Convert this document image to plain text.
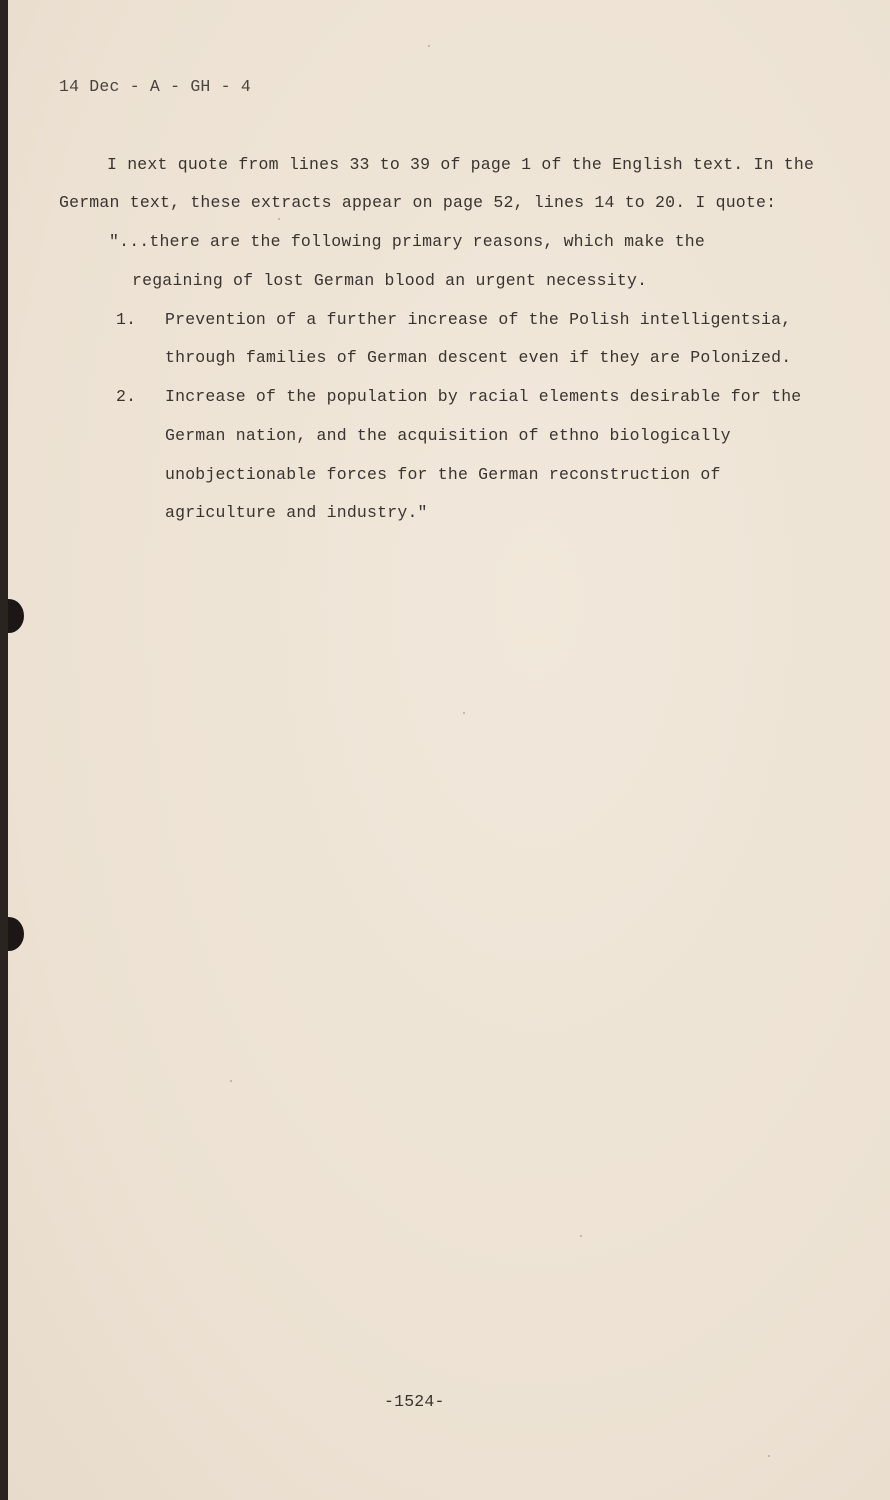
14 Dec - A - GH - 4
I next quote from lines 33 to 39 of page 1 of the English text. In the
German text, these extracts appear on page 52, lines 14 to 20. I quote:
"...there are the following primary reasons, which make the
regaining of lost German blood an urgent necessity.
1. Prevention of a further increase of the Polish intelligentsia,
through families of German descent even if they are Polonized.
2. Increase of the population by racial elements desirable for the
German nation, and the acquisition of ethno biologically
unobjectionable forces for the German reconstruction of
agriculture and industry."
-1524-
